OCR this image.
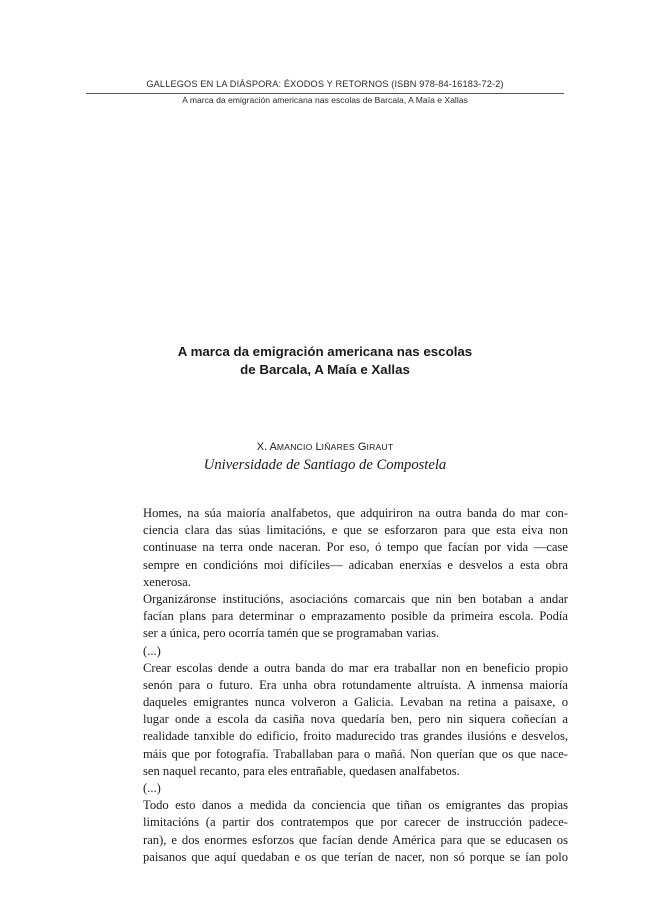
GALLEGOS EN LA DIÁSPORA: ÉXODOS Y RETORNOS (ISBN 978-84-16183-72-2)
A marca da emigración americana nas escolas de Barcala, A Maía e Xallas
A marca da emigración americana nas escolas
de Barcala, A Maía e Xallas
X. AMANCIO LIÑARES GIRAUT
Universidade de Santiago de Compostela
Homes, na súa maioría analfabetos, que adquiriron na outra banda do mar con-
ciencia clara das súas limitacións, e que se esforzaron para que esta eiva non
continuase na terra onde naceran. Por eso, ó tempo que facían por vida —case
sempre en condicións moi difíciles— adicaban enerxías e desvelos a esta obra
xenerosa.
Organizáronse institucións, asociacións comarcais que nin ben botaban a andar
facían plans para determinar o emprazamento posible da primeira escola. Podía
ser a única, pero ocorría tamén que se programaban varias.
(...)
Crear escolas dende a outra banda do mar era traballar non en beneficio propio
senón para o futuro. Era unha obra rotundamente altruísta. A inmensa maioría
daqueles emigrantes nunca volveron a Galicia. Levaban na retina a paisaxe, o
lugar onde a escola da casiña nova quedaría ben, pero nin siquera coñecían a
realidade tanxible do edificio, froito madurecido tras grandes ilusións e desvelos,
máis que por fotografía. Traballaban para o mañá. Non querían que os que nace-
sen naquel recanto, para eles entrañable, quedasen analfabetos.
(...)
Todo esto danos a medida da conciencia que tiñan os emigrantes das propias
limitacións (a partir dos contratempos que por carecer de instrucción padece-
ran), e dos enormes esforzos que facían dende América para que se educasen os
paisanos que aquí quedaban e os que terían de nacer, non só porque se ían polo
